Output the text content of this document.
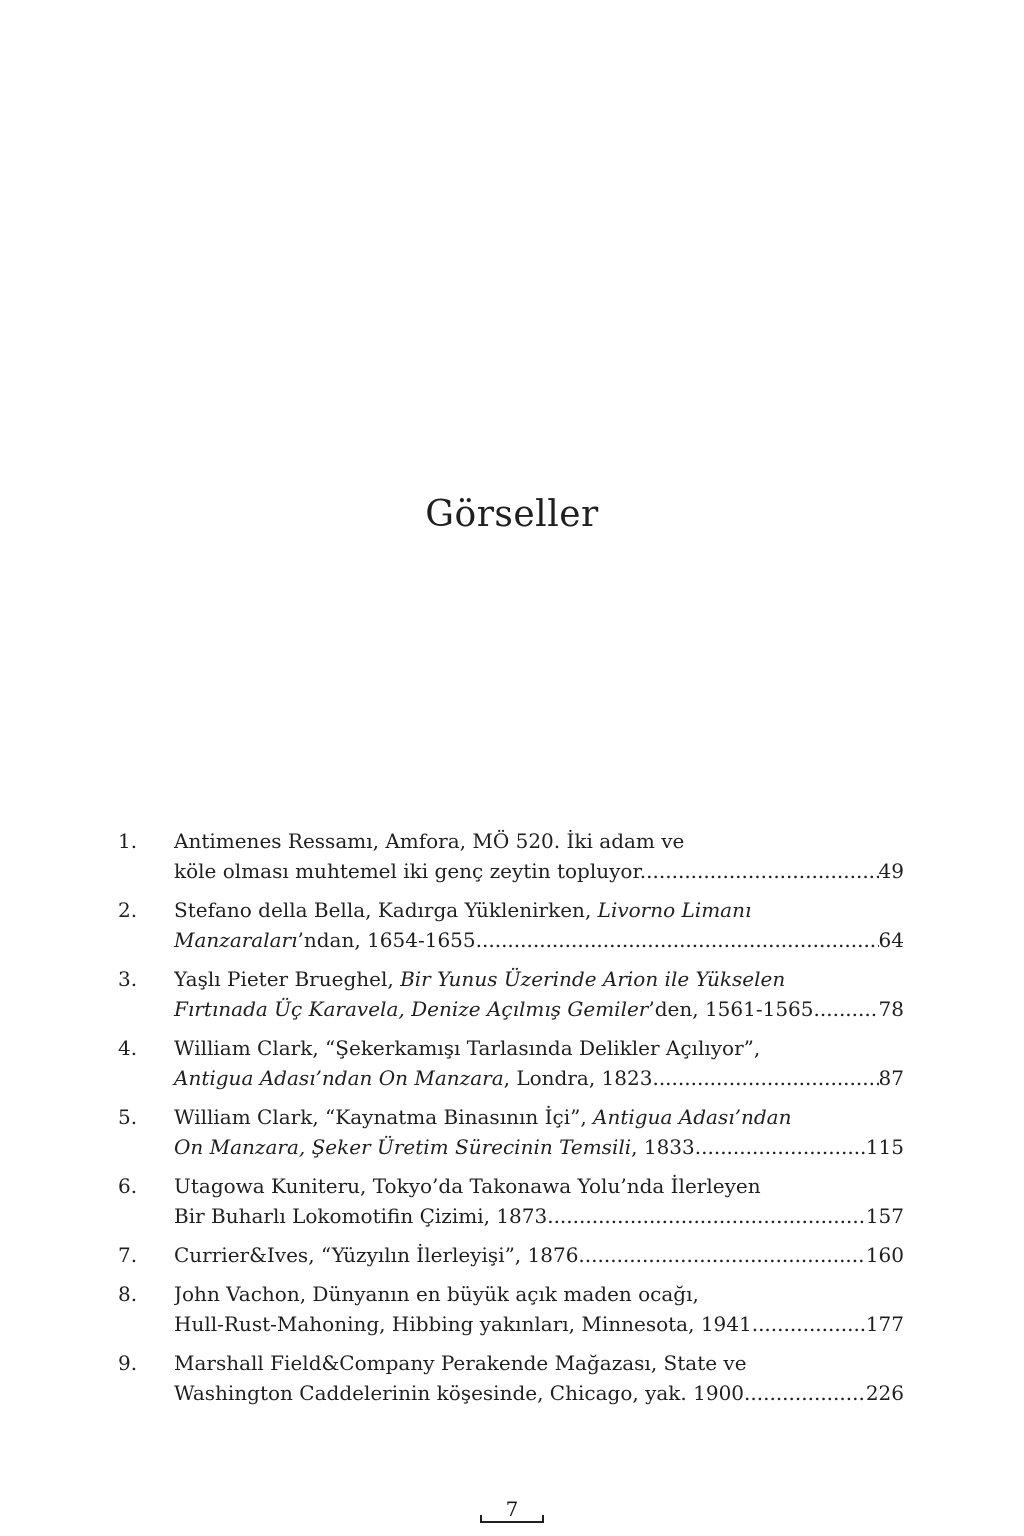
Görseller
1.	Antimenes Ressamı, Amfora, MÖ 520. İki adam ve
köle olması muhtemel iki genç zeytin topluyor. .....	49
2.	Stefano della Bella, Kadırga Yüklenirken, Livorno Limanı
Manzaraları’ndan, 1654-1655 .....	64
3.	Yaşlı Pieter Brueghel, Bir Yunus Üzerinde Arion ile Yükselen
Fırtınada Üç Karavela, Denize Açılmış Gemiler’den, 1561-1565. .....	78
4.	William Clark, “Şekerkamışı Tarlasında Delikler Açılıyor”,
Antigua Adası’ndan On Manzara, Londra, 1823. .....	87
5.	William Clark, “Kaynatma Binasının İçi”, Antigua Adası’ndan
On Manzara, Şeker Üretim Sürecinin Temsili, 1833. .....	115
6.	Utagowa Kuniteru, Tokyo’da Takonawa Yolu’nda İlerleyen
Bir Buharlı Lokomotifin Çizimi, 1873 .....	157
7.	Currier&Ives, “Yüzyılın İlerleyişi”, 1876. .....	160
8.	John Vachon, Dünyanın en büyük açık maden ocağı,
Hull-Rust-Mahoning, Hibbing yakınları, Minnesota, 1941. .....	177
9.	Marshall Field&Company Perakende Mağazası, State ve
Washington Caddelerinin köşesinde, Chicago, yak. 1900. .....	226
7
